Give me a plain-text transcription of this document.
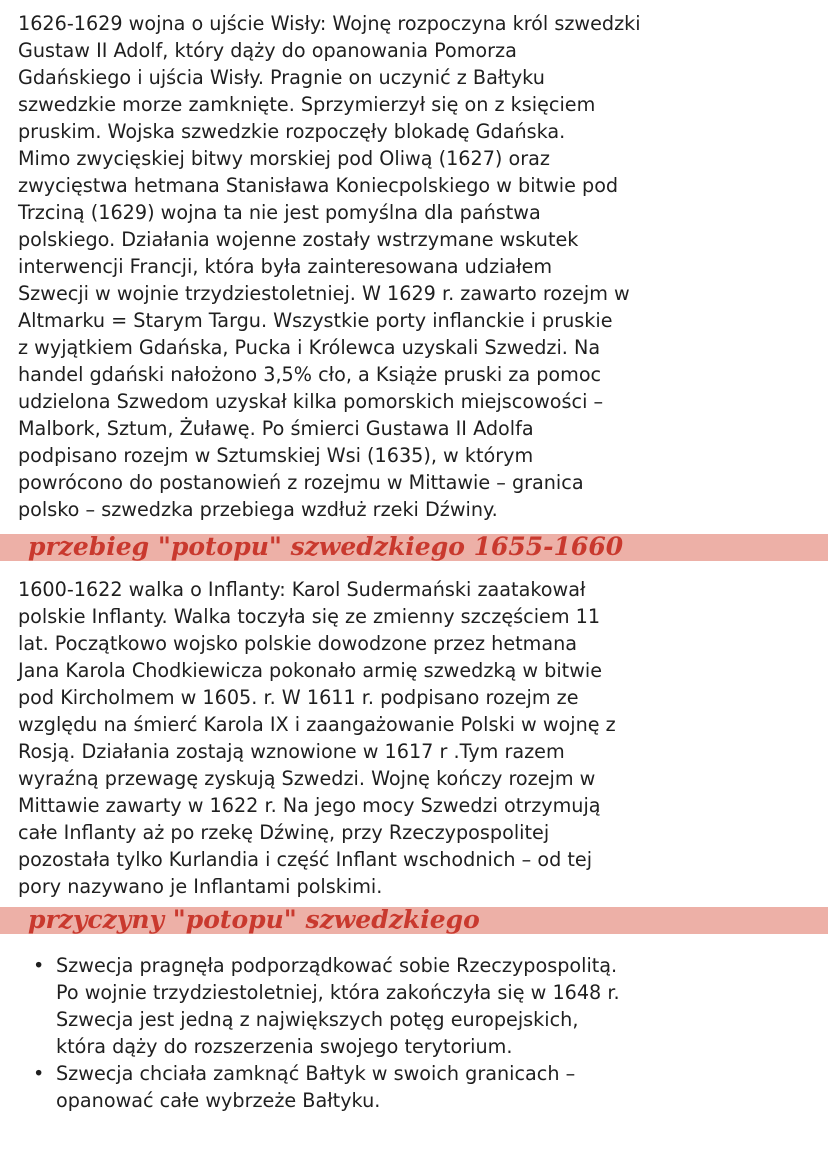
1626-1629 wojna o ujście Wisły: Wojnę rozpoczyna król szwedzki
Gustaw II Adolf, który dąży do opanowania Pomorza
Gdańskiego i ujścia Wisły. Pragnie on uczynić z Bałtyku
szwedzkie morze zamknięte. Sprzymierzył się on z księciem
pruskim. Wojska szwedzkie rozpoczęły blokadę Gdańska.
Mimo zwycięskiej bitwy morskiej pod Oliwą (1627) oraz
zwycięstwa hetmana Stanisława Koniecpolskiego w bitwie pod
Trzciną (1629) wojna ta nie jest pomyślna dla państwa
polskiego. Działania wojenne zostały wstrzymane wskutek
interwencji Francji, która była zainteresowana udziałem
Szwecji w wojnie trzydziestoletniej. W 1629 r. zawarto rozejm w
Altmarku = Starym Targu. Wszystkie porty inflanckie i pruskie
z wyjątkiem Gdańska, Pucka i Królewca uzyskali Szwedzi. Na
handel gdański nałożono 3,5% cło, a Książe pruski za pomoc
udzielona Szwedom uzyskał kilka pomorskich miejscowości –
Malbork, Sztum, Żuławę. Po śmierci Gustawa II Adolfa
podpisano rozejm w Sztumskiej Wsi (1635), w którym
powrócono do postanowień z rozejmu w Mittawie – granica
polsko – szwedzka przebiega wzdłuż rzeki Dźwiny.

przebieg "potopu" szwedzkiego 1655-1660

1600-1622 walka o Inflanty: Karol Sudermański zaatakował
polskie Inflanty. Walka toczyła się ze zmienny szczęściem 11
lat. Początkowo wojsko polskie dowodzone przez hetmana
Jana Karola Chodkiewicza pokonało armię szwedzką w bitwie
pod Kircholmem w 1605. r. W 1611 r. podpisano rozejm ze
względu na śmierć Karola IX i zaangażowanie Polski w wojnę z
Rosją. Działania zostają wznowione w 1617 r .Tym razem
wyraźną przewagę zyskują Szwedzi. Wojnę kończy rozejm w
Mittawie zawarty w 1622 r. Na jego mocy Szwedzi otrzymują
całe Inflanty aż po rzekę Dźwinę, przy Rzeczypospolitej
pozostała tylko Kurlandia i część Inflant wschodnich – od tej
pory nazywano je Inflantami polskimi.

przyczyny "potopu" szwedzkiego
• Szwecja pragnęła podporządkować sobie Rzeczypospolitą.
Po wojnie trzydziestoletniej, która zakończyła się w 1648 r.
Szwecja jest jedną z największych potęg europejskich,
która dąży do rozszerzenia swojego terytorium.
• Szwecja chciała zamknąć Bałtyk w swoich granicach –
opanować całe wybrzeże Bałtyku.
